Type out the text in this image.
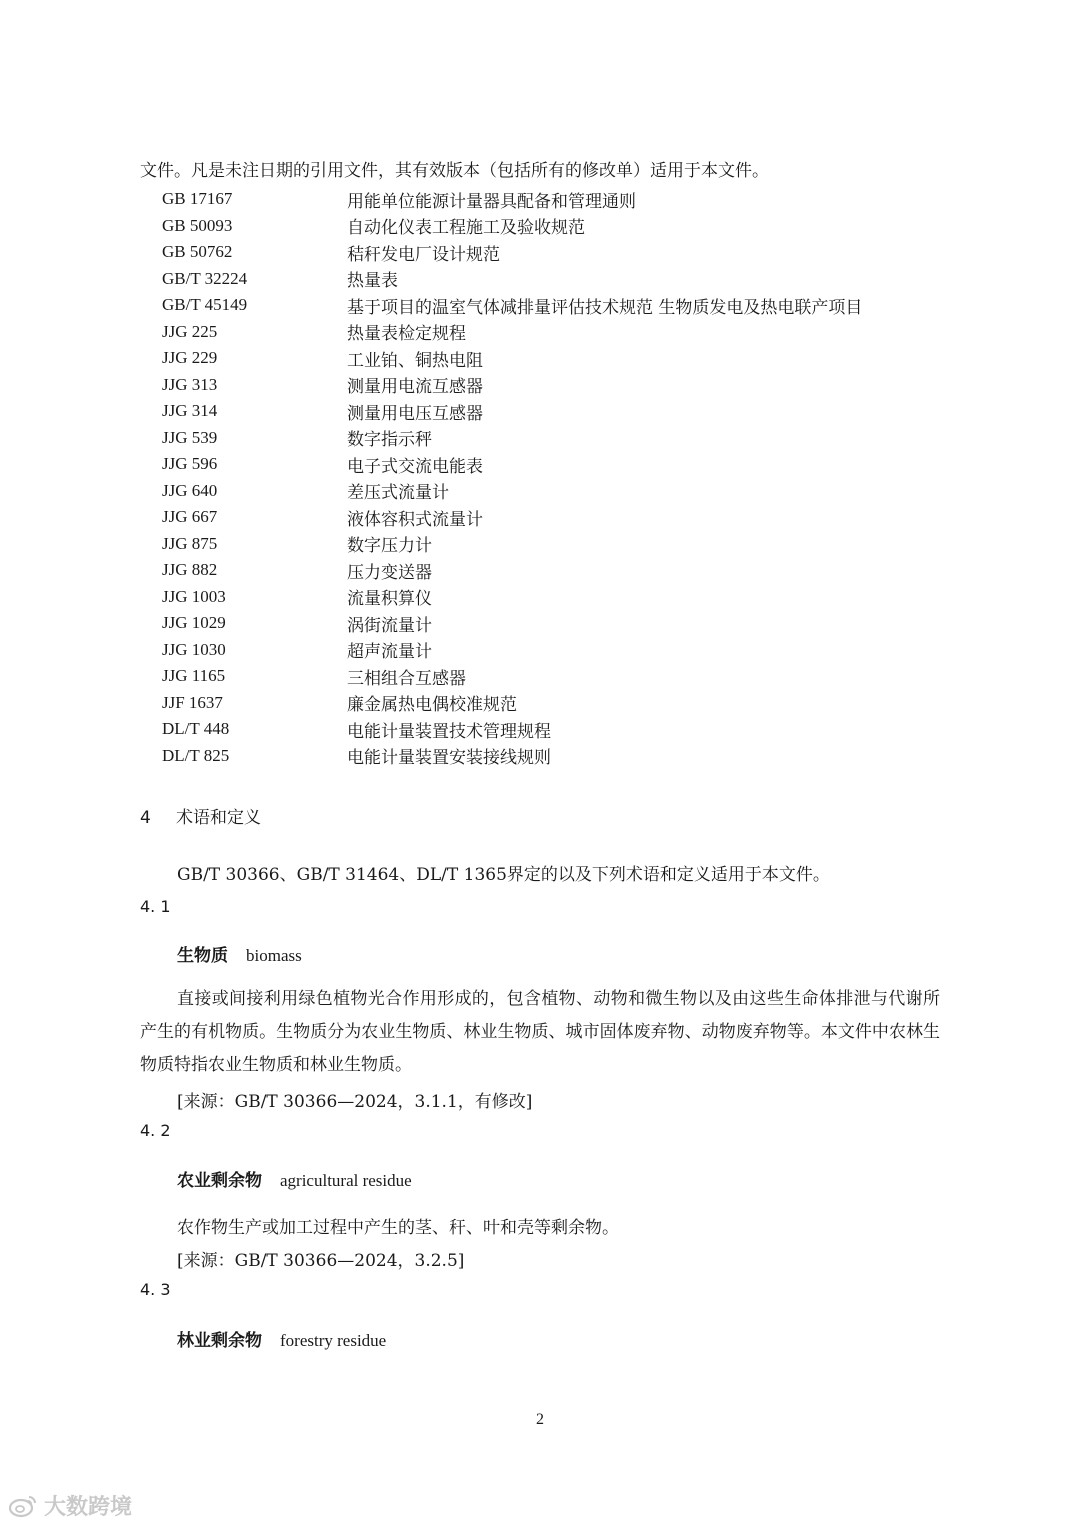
文件。凡是未注日期的引用文件，其有效版本（包括所有的修改单）适用于本文件。
GB 17167	用能单位能源计量器具配备和管理通则
GB 50093	自动化仪表工程施工及验收规范
GB 50762	秸秆发电厂设计规范
GB/T 32224	热量表
GB/T 45149	基于项目的温室气体减排量评估技术规范 生物质发电及热电联产项目
JJG 225	热量表检定规程
JJG 229	工业铂、铜热电阻
JJG 313	测量用电流互感器
JJG 314	测量用电压互感器
JJG 539	数字指示秤
JJG 596	电子式交流电能表
JJG 640	差压式流量计
JJG 667	液体容积式流量计
JJG 875	数字压力计
JJG 882	压力变送器
JJG 1003	流量积算仪
JJG 1029	涡街流量计
JJG 1030	超声流量计
JJG 1165	三相组合互感器
JJF 1637	廉金属热电偶校准规范
DL/T 448	电能计量装置技术管理规程
DL/T 825	电能计量装置安装接线规则
4 术语和定义
GB/T 30366、GB/T 31464、DL/T 1365界定的以及下列术语和定义适用于本文件。
4. 1
生物质 biomass
直接或间接利用绿色植物光合作用形成的，包含植物、动物和微生物以及由这些生命体排泄与代谢所产生的有机物质。生物质分为农业生物质、林业生物质、城市固体废弃物、动物废弃物等。本文件中农林生物质特指农业生物质和林业生物质。
[来源：GB/T 30366—2024，3.1.1，有修改]
4. 2
农业剩余物 agricultural residue
农作物生产或加工过程中产生的茎、秆、叶和壳等剩余物。
[来源：GB/T 30366—2024，3.2.5]
4. 3
林业剩余物 forestry residue
2
大数跨境
